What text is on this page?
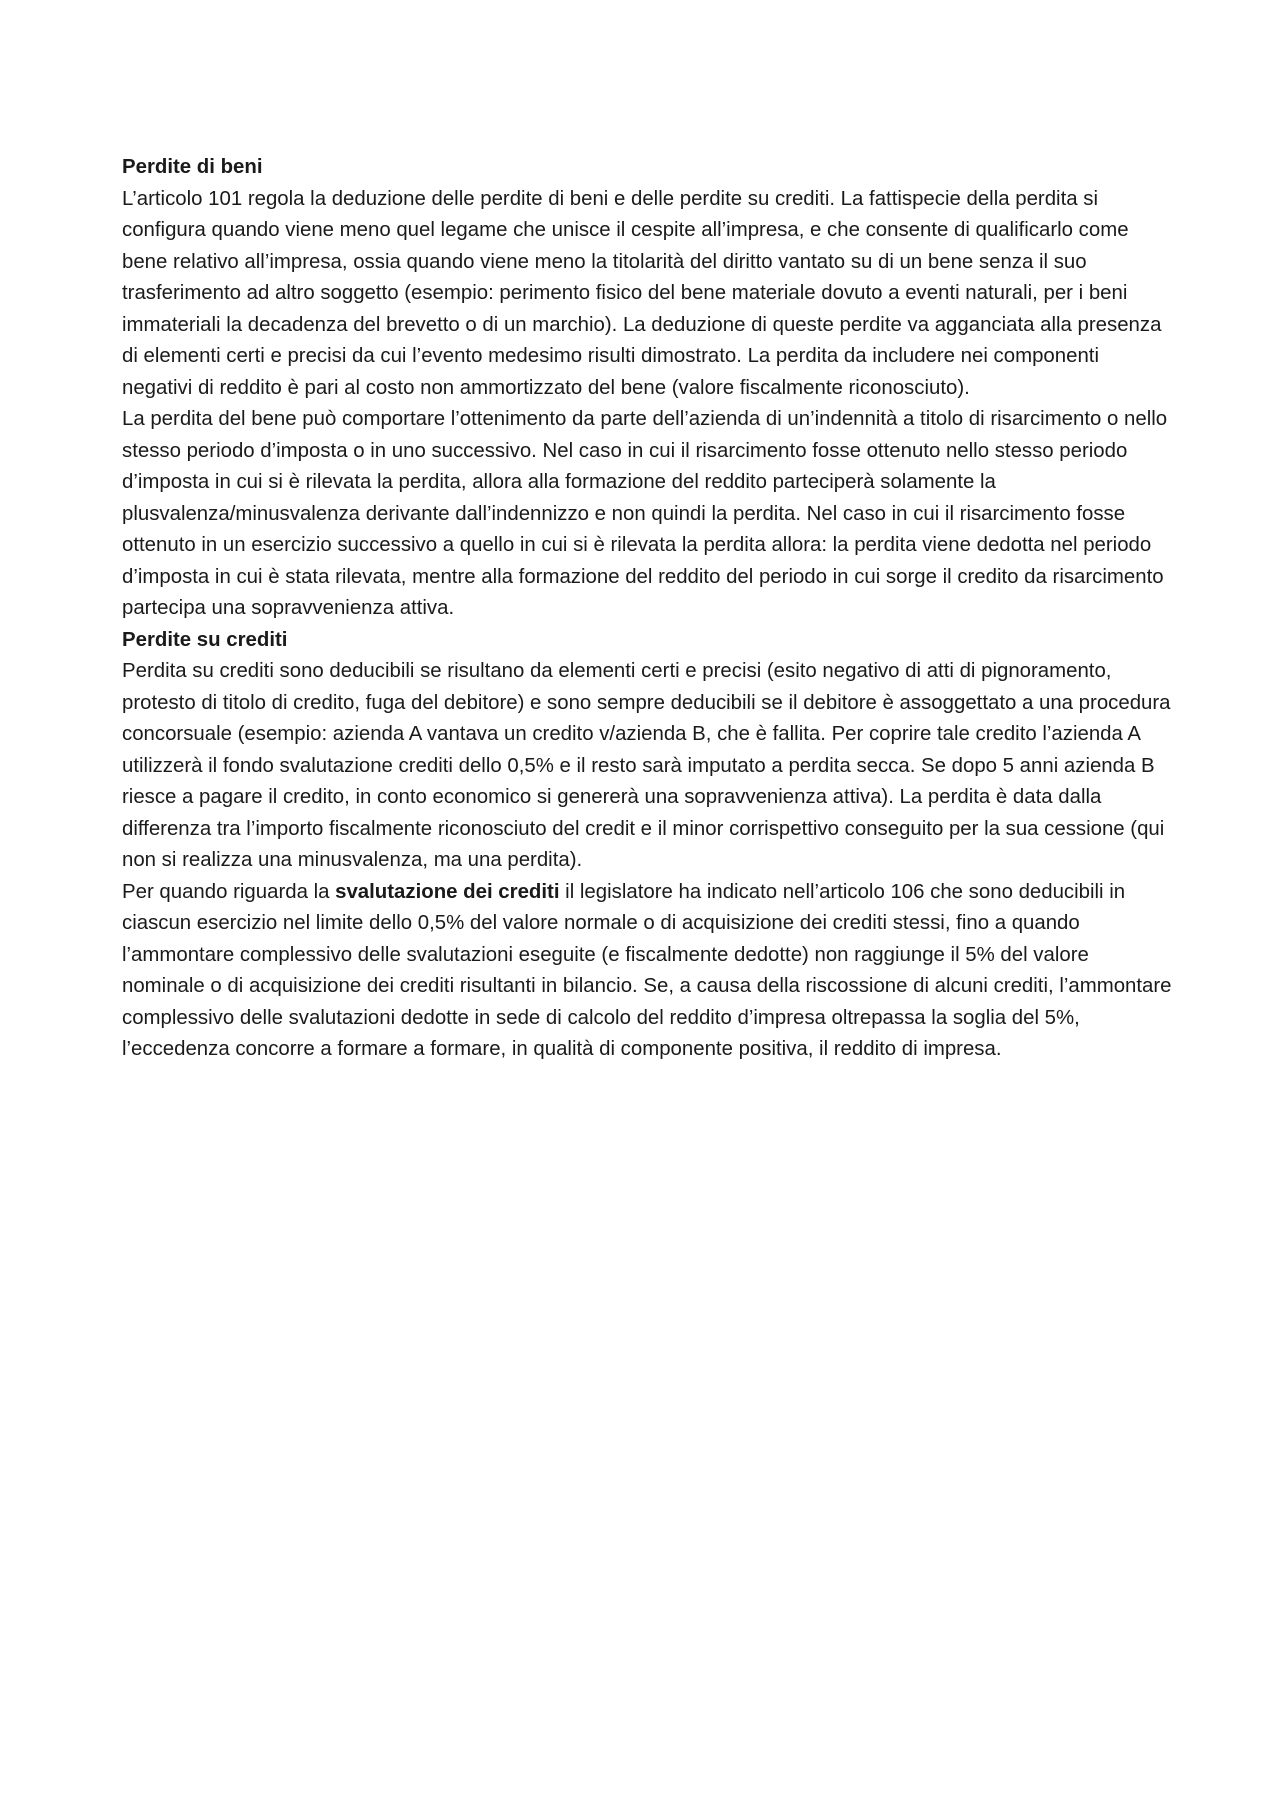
Perdite di beni
L’articolo 101 regola la deduzione delle perdite di beni e delle perdite su crediti. La fattispecie della perdita si configura quando viene meno quel legame che unisce il cespite all’impresa, e che consente di qualificarlo come bene relativo all’impresa, ossia quando viene meno la titolarità del diritto vantato su di un bene senza il suo trasferimento ad altro soggetto (esempio: perimento fisico del bene materiale dovuto a eventi naturali, per i beni immateriali la decadenza del brevetto o di un marchio). La deduzione di queste perdite va agganciata alla presenza di elementi certi e precisi da cui l’evento medesimo risulti dimostrato. La perdita da includere nei componenti negativi di reddito è pari al costo non ammortizzato del bene (valore fiscalmente riconosciuto).
La perdita del bene può comportare l’ottenimento da parte dell’azienda di un’indennità a titolo di risarcimento o nello stesso periodo d’imposta o in uno successivo. Nel caso in cui il risarcimento fosse ottenuto nello stesso periodo d’imposta in cui si è rilevata la perdita, allora alla formazione del reddito parteciperà solamente la plusvalenza/minusvalenza derivante dall’indennizzo e non quindi la perdita. Nel caso in cui il risarcimento fosse ottenuto in un esercizio successivo a quello in cui si è rilevata la perdita allora: la perdita viene dedotta nel periodo d’imposta in cui è stata rilevata, mentre alla formazione del reddito del periodo in cui sorge il credito da risarcimento partecipa una sopravvenienza attiva.
Perdite su crediti
Perdita su crediti sono deducibili se risultano da elementi certi e precisi (esito negativo di atti di pignoramento, protesto di titolo di credito, fuga del debitore) e sono sempre deducibili se il debitore è assoggettato a una procedura concorsuale (esempio: azienda A vantava un credito v/azienda B, che è fallita. Per coprire tale credito l’azienda A utilizzerà il fondo svalutazione crediti dello 0,5% e il resto sarà imputato a perdita secca. Se dopo 5 anni azienda B riesce a pagare il credito, in conto economico si genererà una sopravvenienza attiva). La perdita è data dalla differenza tra l’importo fiscalmente riconosciuto del credit e il minor corrispettivo conseguito per la sua cessione (qui non si realizza una minusvalenza, ma una perdita).
Per quando riguarda la svalutazione dei crediti il legislatore ha indicato nell’articolo 106 che sono deducibili in ciascun esercizio nel limite dello 0,5% del valore normale o di acquisizione dei crediti stessi, fino a quando l’ammontare complessivo delle svalutazioni eseguite (e fiscalmente dedotte) non raggiunge il 5% del valore nominale o di acquisizione dei crediti risultanti in bilancio. Se, a causa della riscossione di alcuni crediti, l’ammontare complessivo delle svalutazioni dedotte in sede di calcolo del reddito d’impresa oltrepassa la soglia del 5%, l’eccedenza concorre a formare a formare, in qualità di componente positiva, il reddito di impresa.
